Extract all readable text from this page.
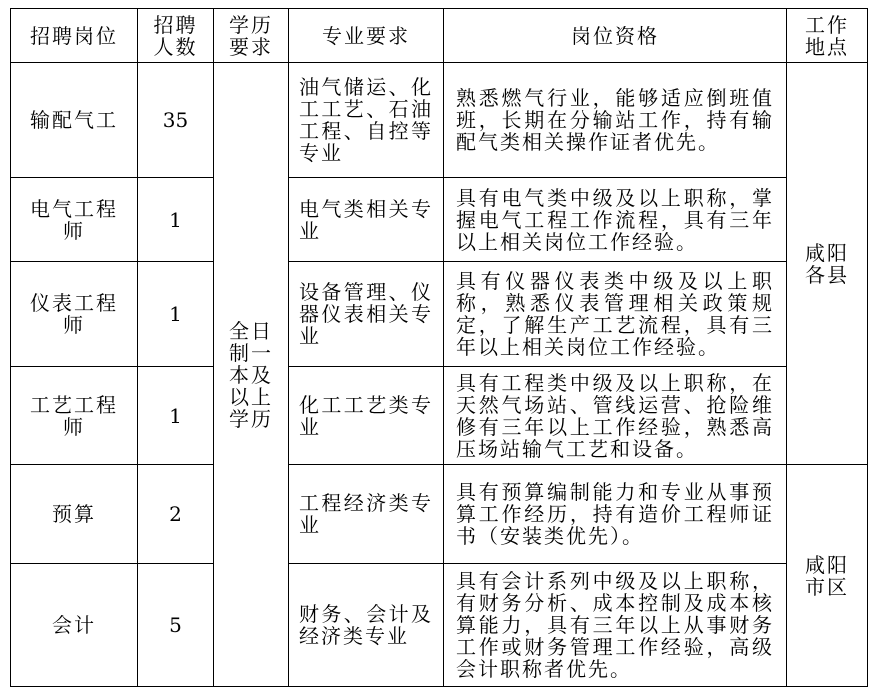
招聘岗位	招聘人数	学历要求	专业要求	岗位资格	工作地点
输配气工	35	全日制一本及以上学历	油气储运、化工工艺、石油工程、自控等专业	熟悉燃气行业，能够适应倒班值班，长期在分输站工作，持有输配气类相关操作证者优先。	咸阳各县
电气工程师	1		电气类相关专业	具有电气类中级及以上职称，掌握电气工程工作流程，具有三年以上相关岗位工作经验。	
仪表工程师	1		设备管理、仪器仪表相关专业	具有仪器仪表类中级及以上职称，熟悉仪表管理相关政策规定，了解生产工艺流程，具有三年以上相关岗位工作经验。	
工艺工程师	1		化工工艺类专业	具有工程类中级及以上职称，在天然气场站、管线运营、抢险维修有三年以上工作经验，熟悉高压场站输气工艺和设备。	
预算	2		工程经济类专业	具有预算编制能力和专业从事预算工作经历，持有造价工程师证书（安装类优先）。	咸阳市区
会计	5		财务、会计及经济类专业	具有会计系列中级及以上职称，有财务分析、成本控制及成本核算能力，具有三年以上从事财务工作或财务管理工作经验，高级会计职称者优先。	
